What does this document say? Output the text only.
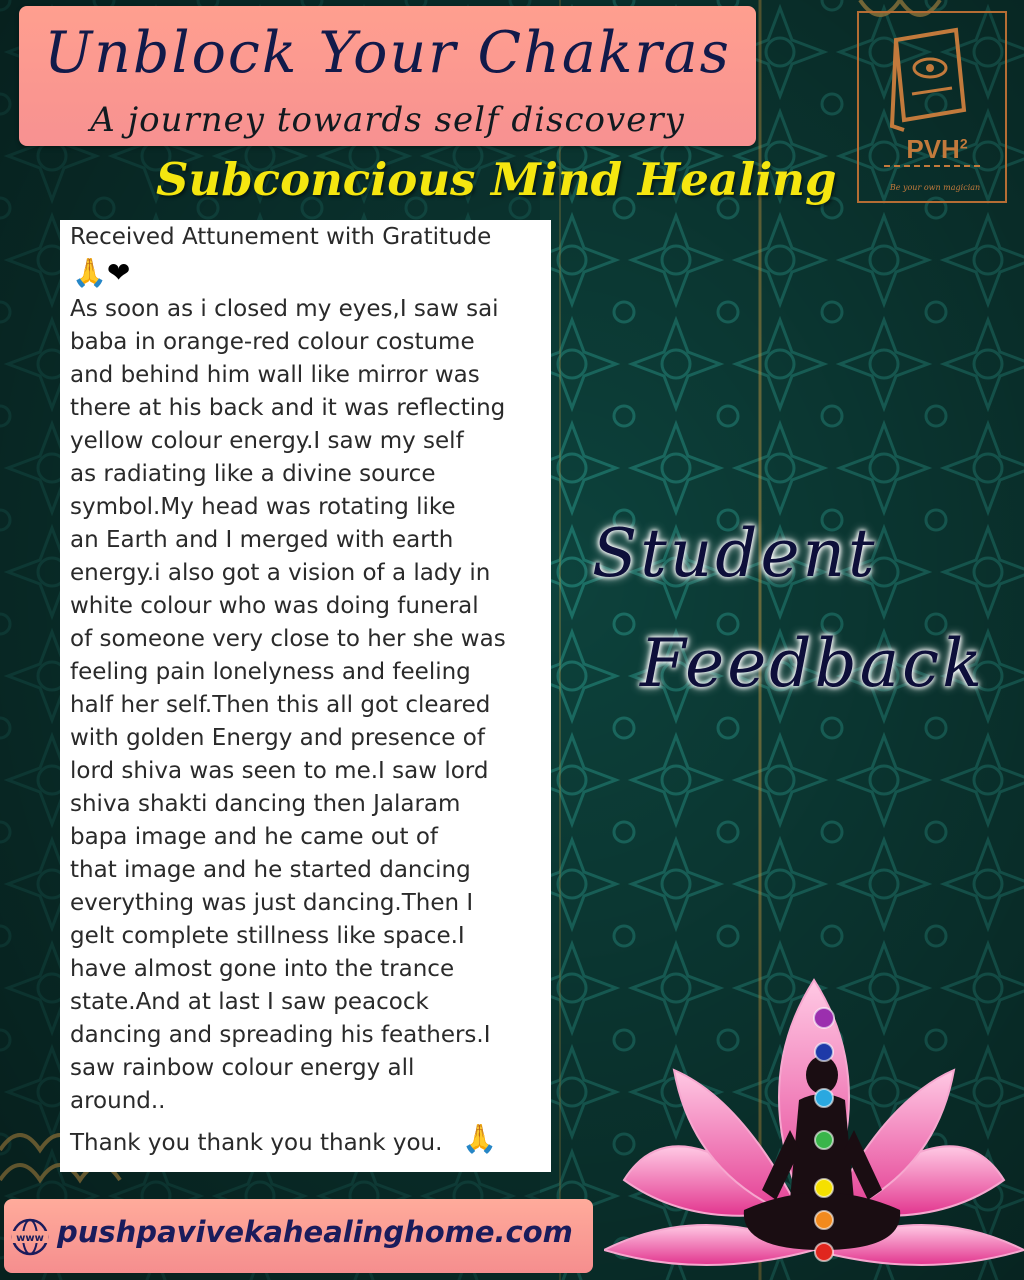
Unblock Your Chakras
A journey towards self discovery
Subconcious Mind Healing
PVH$^2$
Be your own magician
Received Attunement with Gratitude
As soon as i closed my eyes,I saw sai
baba in orange-red colour costume
and behind him wall like mirror was
there at his back and it was reflecting
yellow colour energy.I saw my self
as radiating like a divine source
symbol.My head was rotating like
an Earth and I merged with earth
energy.i also got a vision of a lady in
white colour who was doing funeral
of someone very close to her she was
feeling pain lonelyness and feeling
half her self.Then this all got cleared
with golden Energy and presence of
lord shiva was seen to me.I saw lord
shiva shakti dancing then Jalaram
bapa image and he came out of
that image and he started dancing
everything was just dancing.Then I
gelt complete stillness like space.I
have almost gone into the trance
state.And at last I saw peacock
dancing and spreading his feathers.I
saw rainbow colour energy all
around..
🙏❤
Thank you thank you thank you. 🙏
Student
Feedback
www pushpavivekahealinghome.com
